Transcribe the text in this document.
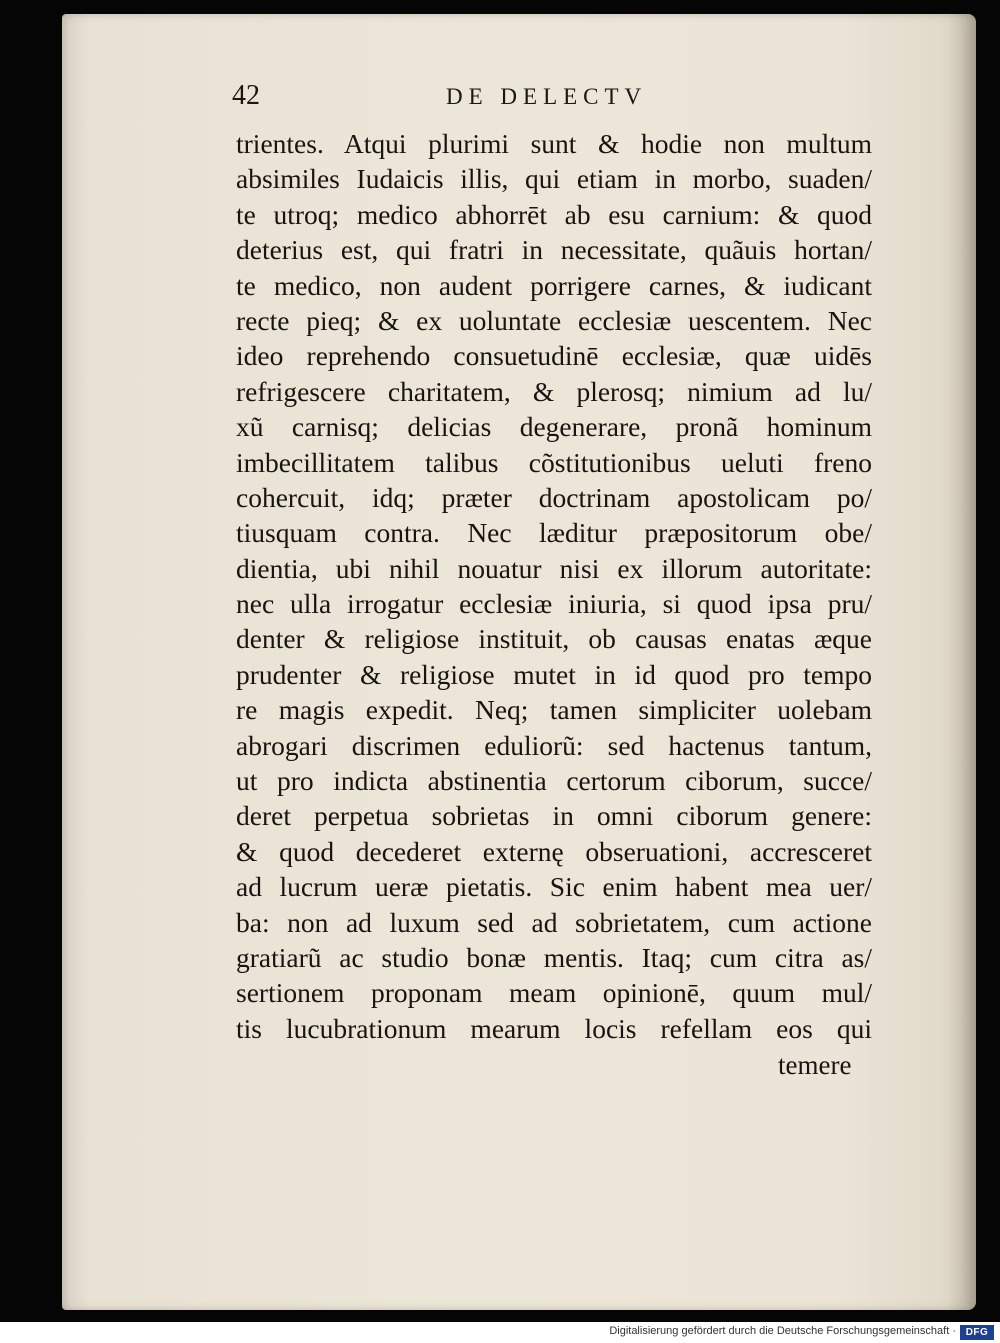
42	DE DELECTV
trientes. Atqui plurimi sunt & hodie non multum
absimiles Iudaicis illis, qui etiam in morbo, suaden/
te utroq; medico abhorrēt ab esu carnium: & quod
deterius est, qui fratri in necessitate, quãuis hortan/
te medico, non audent porrigere carnes, & iudicant
recte pieq; & ex uoluntate ecclesiæ uescentem. Nec
ideo reprehendo consuetudinē ecclesiæ, quæ uidēs
refrigescere charitatem, & plerosq; nimium ad lu/
xũ carnisq; delicias degenerare, pronã hominum
imbecillitatem talibus cõstitutionibus ueluti freno
cohercuit, idq; præter doctrinam apostolicam po/
tiusquam contra. Nec læditur præpositorum obe/
dientia, ubi nihil nouatur nisi ex illorum autoritate:
nec ulla irrogatur ecclesiæ iniuria, si quod ipsa pru/
denter & religiose instituit, ob causas enatas æque
prudenter & religiose mutet in id quod pro tempo
re magis expedit. Neq; tamen simpliciter uolebam
abrogari discrimen eduliorũ: sed hactenus tantum,
ut pro indicta abstinentia certorum ciborum, succe/
deret perpetua sobrietas in omni ciborum genere:
& quod decederet externę obseruationi, accresceret
ad lucrum ueræ pietatis. Sic enim habent mea uer/
ba: non ad luxum sed ad sobrietatem, cum actione
gratiarũ ac studio bonæ mentis. Itaq; cum citra as/
sertionem proponam meam opinionē, quum mul/
tis lucubrationum mearum locis refellam eos qui
temere
Digitalisierung gefördert durch die Deutsche Forschungsgemeinschaft · DFG
